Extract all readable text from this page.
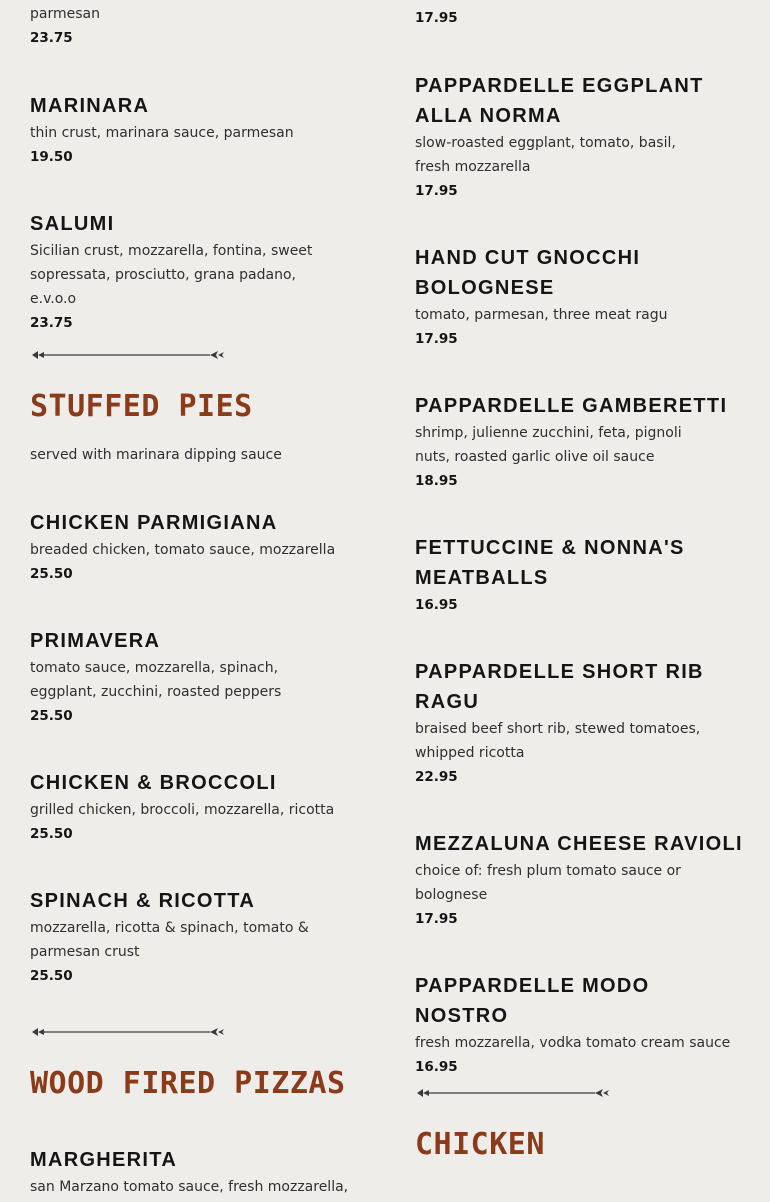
parmesan

23.75
MARINARA

thin crust, marinara sauce, parmesan

19.50
SALUMI

Sicilian crust, mozzarella, fontina, sweet sopressata, prosciutto, grana padano, e.v.o.o

23.75
STUFFED PIES
served with marinara dipping sauce
CHICKEN PARMIGIANA

breaded chicken, tomato sauce, mozzarella

25.50
PRIMAVERA

tomato sauce, mozzarella, spinach, eggplant, zucchini, roasted peppers

25.50
CHICKEN & BROCCOLI

grilled chicken, broccoli, mozzarella, ricotta

25.50
SPINACH & RICOTTA

mozzarella, ricotta & spinach, tomato & parmesan crust

25.50
WOOD FIRED PIZZAS
MARGHERITA

san Marzano tomato sauce, fresh mozzarella,

17.95
PAPPARDELLE EGGPLANT ALLA NORMA

slow-roasted eggplant, tomato, basil, fresh mozzarella

17.95
HAND CUT GNOCCHI BOLOGNESE

tomato, parmesan, three meat ragu

17.95
PAPPARDELLE GAMBERETTI

shrimp, julienne zucchini, feta, pignoli nuts, roasted garlic olive oil sauce

18.95
FETTUCCINE & NONNA'S MEATBALLS
16.95
PAPPARDELLE SHORT RIB RAGU

braised beef short rib, stewed tomatoes, whipped ricotta

22.95
MEZZALUNA CHEESE RAVIOLI

choice of: fresh plum tomato sauce or bolognese

17.95
PAPPARDELLE MODO NOSTRO

fresh mozzarella, vodka tomato cream sauce

16.95
CHICKEN
